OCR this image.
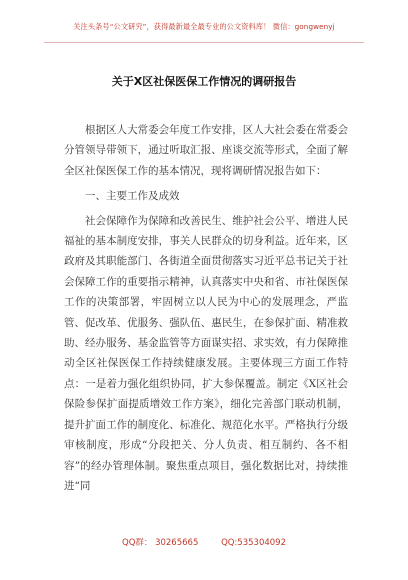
关注头条号“公文研究”，获得最新最全最专业的公文资料库！ 微信：gongwenyj
关于X区社保医保工作情况的调研报告

根据区人大常委会年度工作安排，区人大社会委在常委会分管领导带领下，通过听取汇报、座谈交流等形式，全面了解全区社保医保工作的基本情况，现将调研情况报告如下：

一、主要工作及成效

社会保障作为保障和改善民生、维护社会公平、增进人民福祉的基本制度安排，事关人民群众的切身利益。近年来，区政府及其职能部门、各街道全面贯彻落实习近平总书记关于社会保障工作的重要指示精神，认真落实中央和省、市社保医保工作的决策部署，牢固树立以人民为中心的发展理念，严监管、促改革、优服务、强队伍、惠民生，在参保扩面、精准救助、经办服务、基金监管等方面谋实招、求实效，有力保障推动全区社保医保工作持续健康发展。主要体现三方面工作特点：一是着力强化组织协同，扩大参保覆盖。制定《X区社会保险参保扩面提质增效工作方案》，细化完善部门联动机制，提升扩面工作的制度化、标准化、规范化水平。严格执行分级审核制度，形成“分段把关、分人负责、相互制约、各不相容”的经办管理体制。聚焦重点项目，强化数据比对，持续推进“同

QQ群： 30265665	QQ:535304092
